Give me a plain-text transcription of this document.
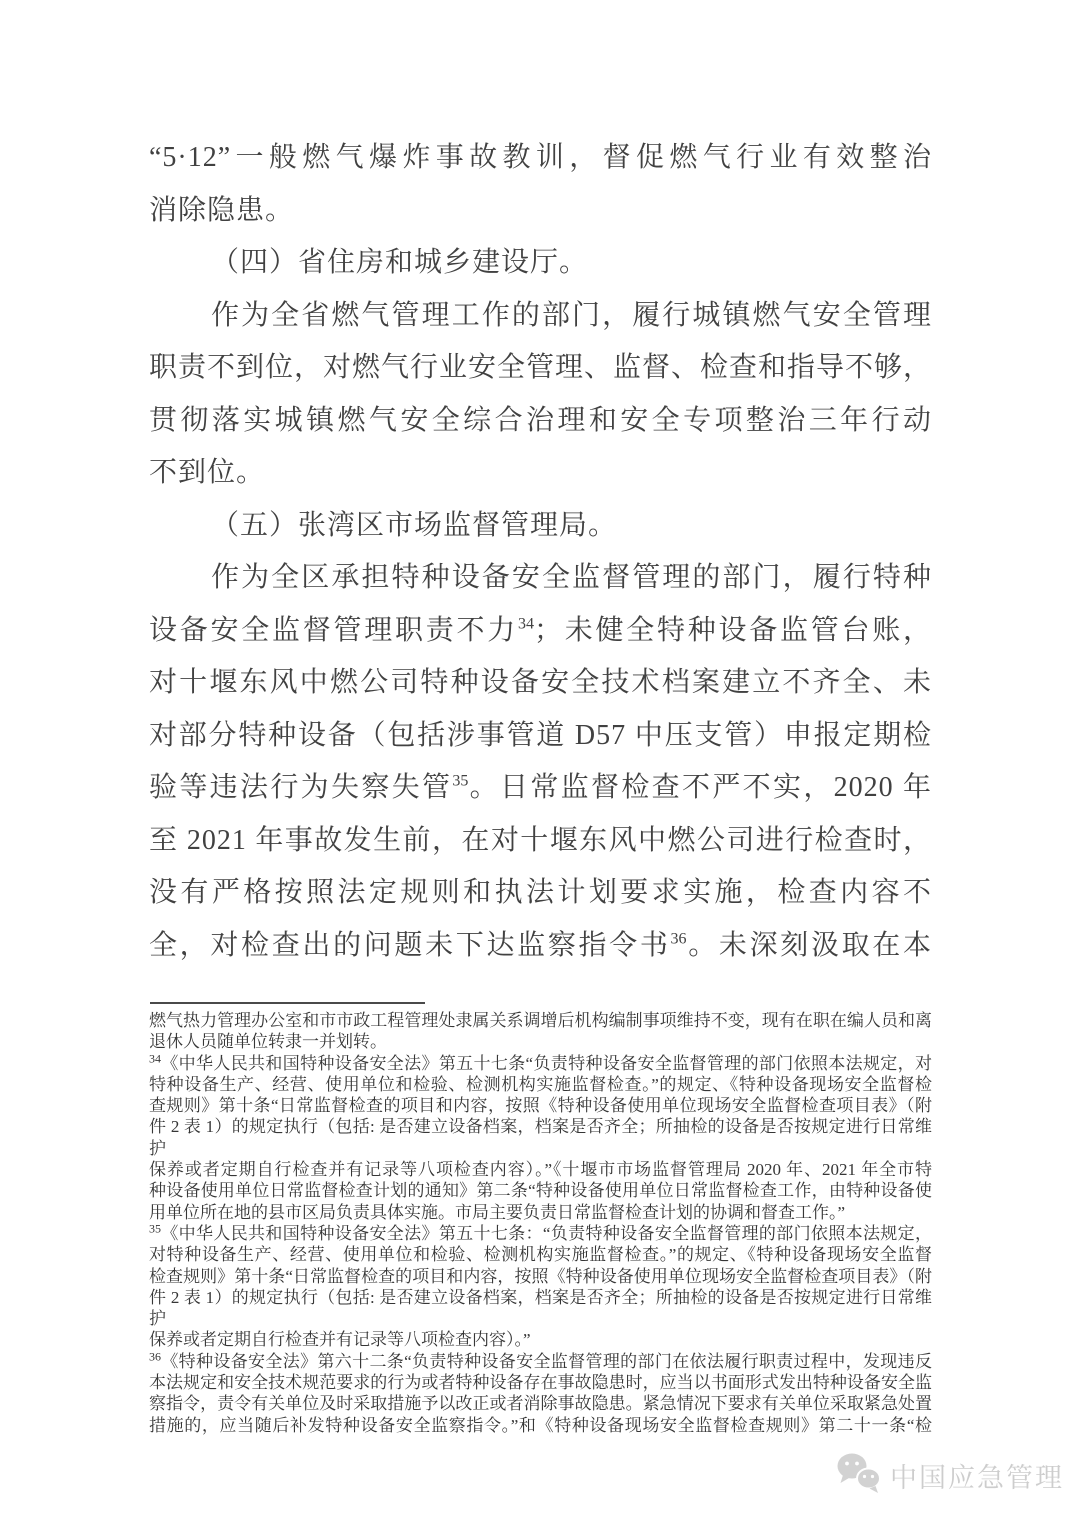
“5·12”一般燃气爆炸事故教训，督促燃气行业有效整治
消除隐患。
（四）省住房和城乡建设厅。
作为全省燃气管理工作的部门，履行城镇燃气安全管理
职责不到位，对燃气行业安全管理、监督、检查和指导不够，
贯彻落实城镇燃气安全综合治理和安全专项整治三年行动
不到位。
（五）张湾区市场监督管理局。
作为全区承担特种设备安全监督管理的部门，履行特种
设备安全监督管理职责不力$^{34}$；未健全特种设备监管台账，
对十堰东风中燃公司特种设备安全技术档案建立不齐全、未
对部分特种设备（包括涉事管道 D57 中压支管）申报定期检
验等违法行为失察失管$^{35}$。日常监督检查不严不实，2020 年
至 2021 年事故发生前，在对十堰东风中燃公司进行检查时，
没有严格按照法定规则和执法计划要求实施，检查内容不
全，对检查出的问题未下达监察指令书$^{36}$。未深刻汲取在本
燃气热力管理办公室和市市政工程管理处隶属关系调增后机构编制事项维持不变，现有在职在编人员和离
退休人员随单位转隶一并划转。
$^{34}$《中华人民共和国特种设备安全法》第五十七条“负责特种设备安全监督管理的部门依照本法规定，对
特种设备生产、经营、使用单位和检验、检测机构实施监督检查。”的规定、《特种设备现场安全监督检
查规则》第十条“日常监督检查的项目和内容，按照《特种设备使用单位现场安全监督检查项目表》（附
件 2 表 1）的规定执行（包括: 是否建立设备档案，档案是否齐全；所抽检的设备是否按规定进行日常维护
保养或者定期自行检查并有记录等八项检查内容）。”《十堰市市场监督管理局 2020 年、2021 年全市特
种设备使用单位日常监督检查计划的通知》第二条“特种设备使用单位日常监督检查工作，由特种设备使
用单位所在地的县市区局负责具体实施。市局主要负责日常监督检查计划的协调和督查工作。”
$^{35}$《中华人民共和国特种设备安全法》第五十七条：“负责特种设备安全监督管理的部门依照本法规定，
对特种设备生产、经营、使用单位和检验、检测机构实施监督检查。”的规定、《特种设备现场安全监督
检查规则》第十条“日常监督检查的项目和内容，按照《特种设备使用单位现场安全监督检查项目表》（附
件 2 表 1）的规定执行（包括: 是否建立设备档案，档案是否齐全；所抽检的设备是否按规定进行日常维护
保养或者定期自行检查并有记录等八项检查内容）。”
$^{36}$《特种设备安全法》第六十二条“负责特种设备安全监督管理的部门在依法履行职责过程中，发现违反
本法规定和安全技术规范要求的行为或者特种设备存在事故隐患时，应当以书面形式发出特种设备安全监
察指令，责令有关单位及时采取措施予以改正或者消除事故隐患。紧急情况下要求有关单位采取紧急处置
措施的，应当随后补发特种设备安全监察指令。”和《特种设备现场安全监督检查规则》第二十一条“检
中国应急管理
